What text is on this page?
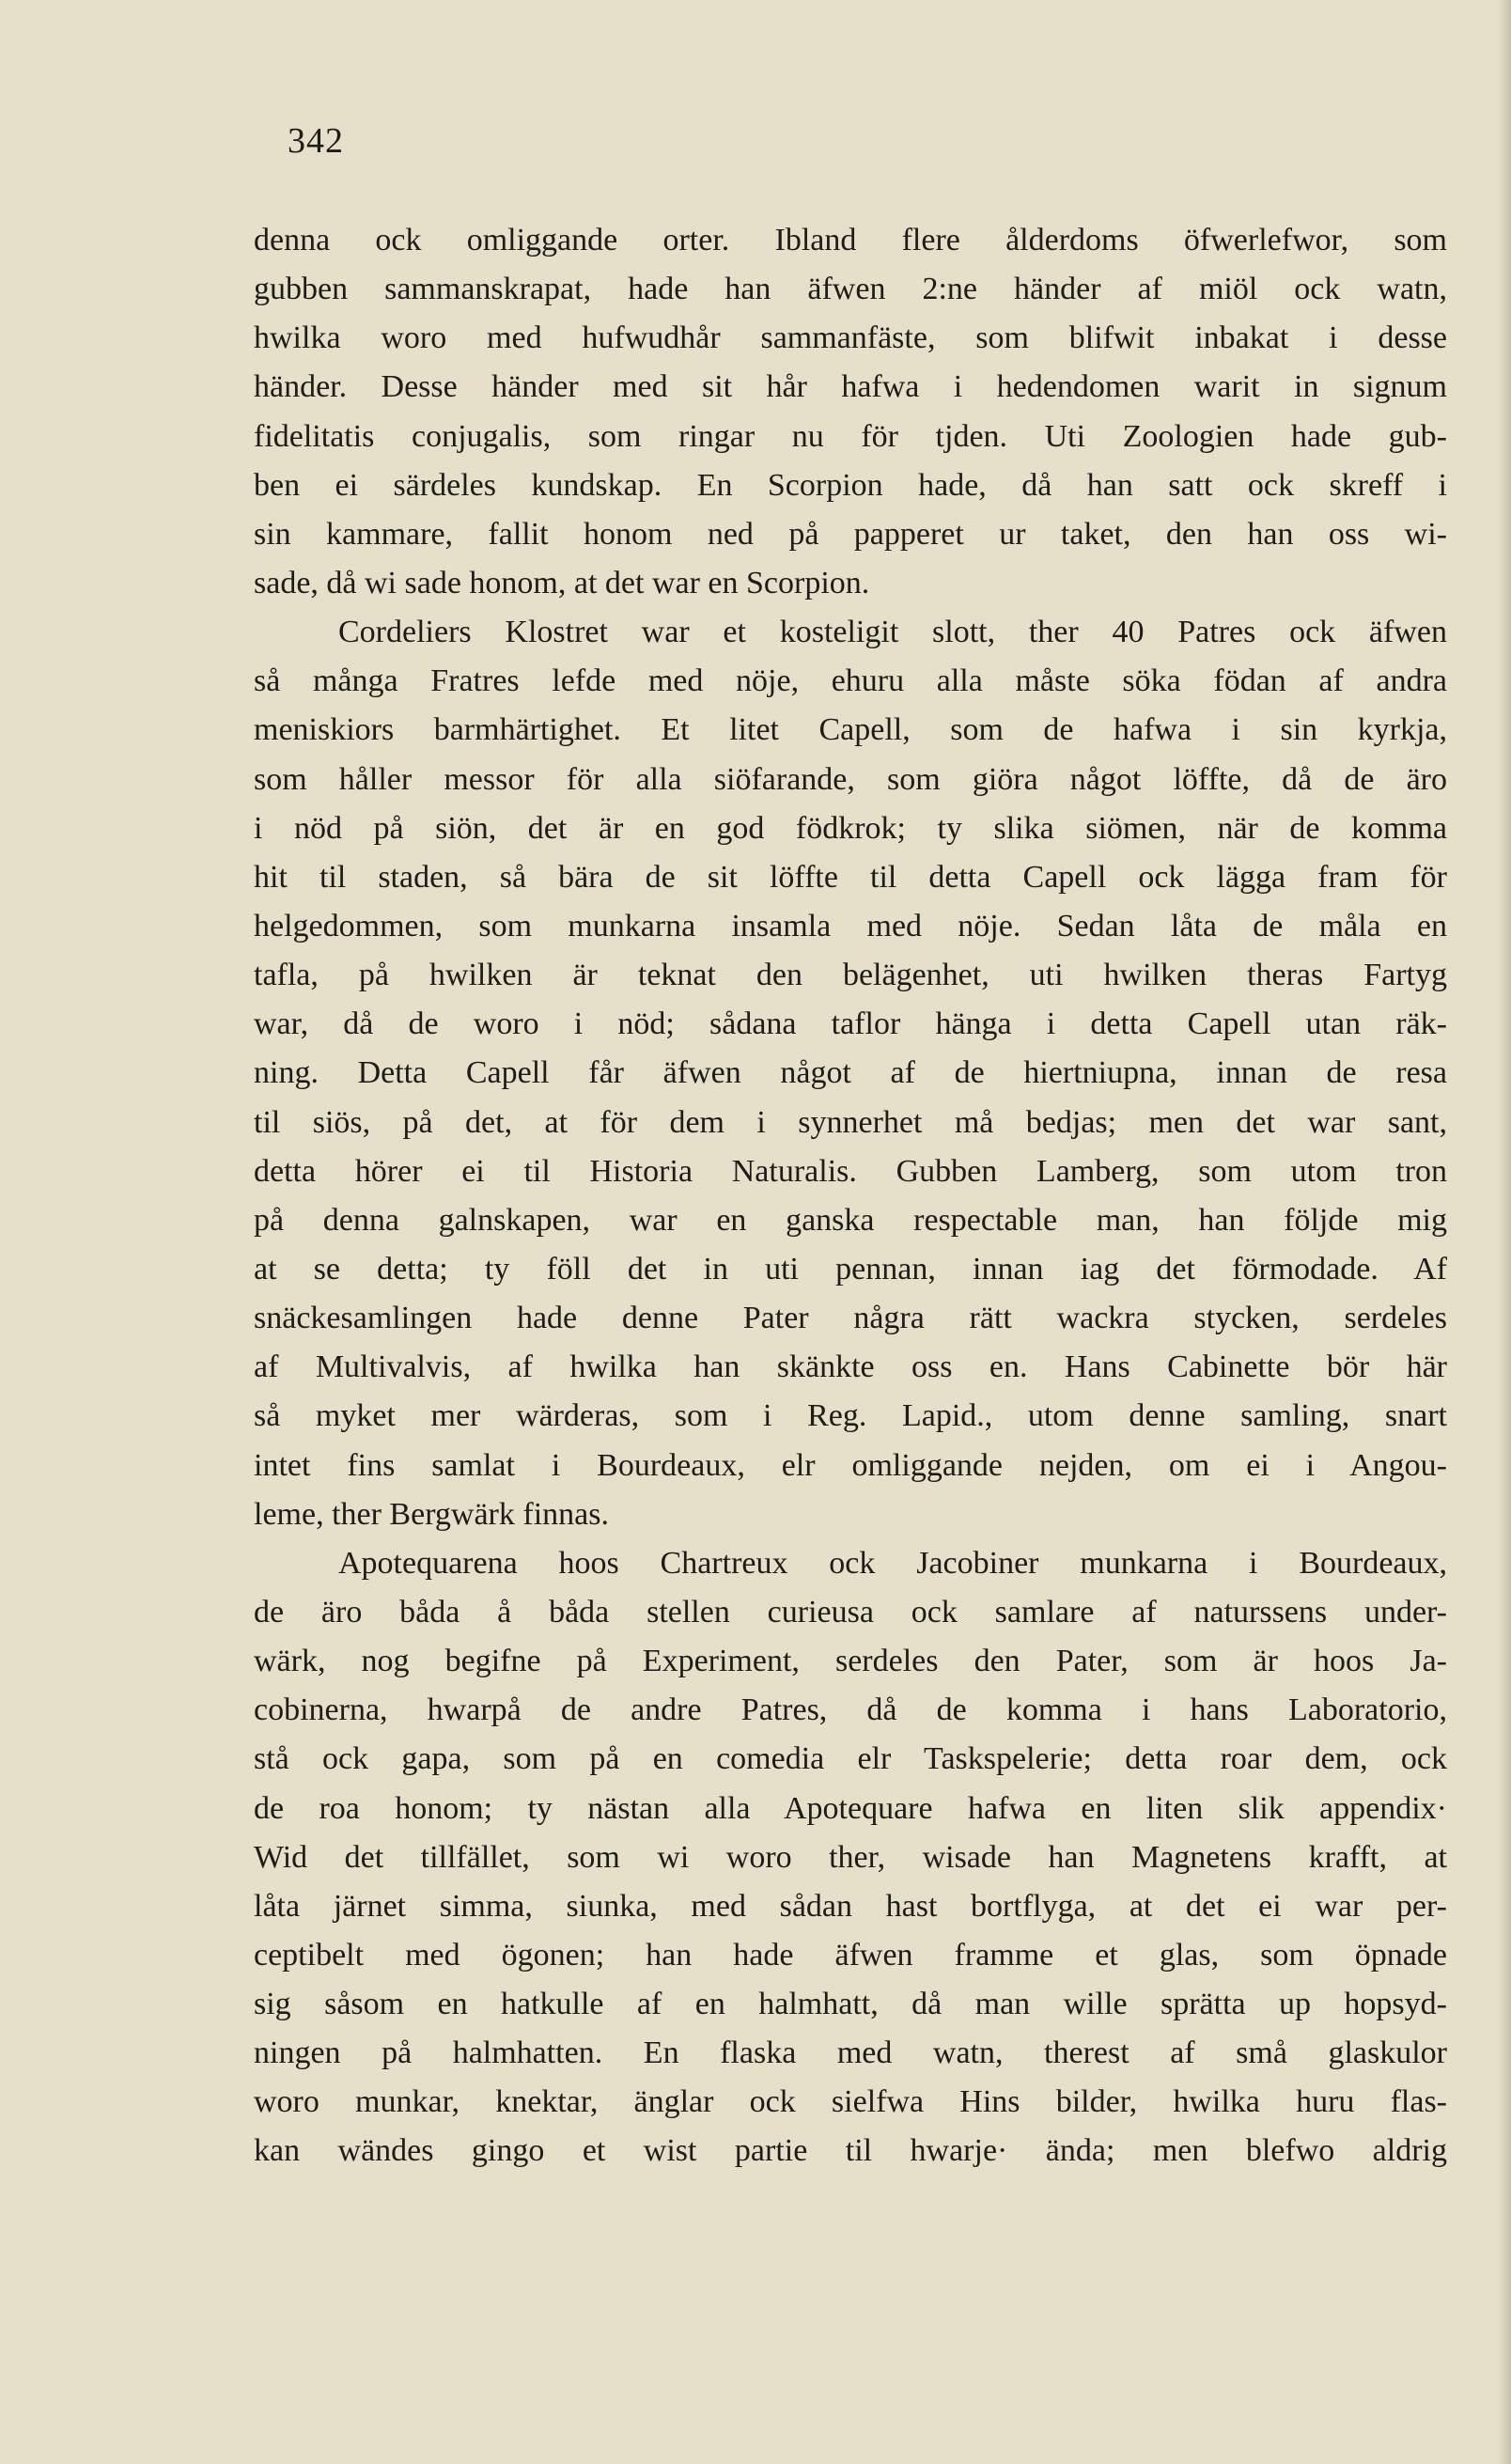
342
denna ock omliggande orter. Ibland flere ålderdoms öfwerlefwor, som
gubben sammanskrapat, hade han äfwen 2:ne händer af miöl ock watn,
hwilka woro med hufwudhår sammanfäste, som blifwit inbakat i desse
händer. Desse händer med sit hår hafwa i hedendomen warit in signum
fidelitatis conjugalis, som ringar nu för tjden. Uti Zoologien hade gub-
ben ei särdeles kundskap. En Scorpion hade, då han satt ock skreff i
sin kammare, fallit honom ned på papperet ur taket, den han oss wi-
sade, då wi sade honom, at det war en Scorpion.
Cordeliers Klostret war et kosteligit slott, ther 40 Patres ock äfwen
så många Fratres lefde med nöje, ehuru alla måste söka födan af andra
meniskiors barmhärtighet. Et litet Capell, som de hafwa i sin kyrkja,
som håller messor för alla siöfarande, som giöra något löffte, då de äro
i nöd på siön, det är en god födkrok; ty slika siömen, när de komma
hit til staden, så bära de sit löffte til detta Capell ock lägga fram för
helgedommen, som munkarna insamla med nöje. Sedan låta de måla en
tafla, på hwilken är teknat den belägenhet, uti hwilken theras Fartyg
war, då de woro i nöd; sådana taflor hänga i detta Capell utan räk-
ning. Detta Capell får äfwen något af de hiertniupna, innan de resa
til siös, på det, at för dem i synnerhet må bedjas; men det war sant,
detta hörer ei til Historia Naturalis. Gubben Lamberg, som utom tron
på denna galnskapen, war en ganska respectable man, han följde mig
at se detta; ty föll det in uti pennan, innan iag det förmodade. Af
snäckesamlingen hade denne Pater några rätt wackra stycken, serdeles
af Multivalvis, af hwilka han skänkte oss en. Hans Cabinette bör här
så myket mer wärderas, som i Reg. Lapid., utom denne samling, snart
intet fins samlat i Bourdeaux, elr omliggande nejden, om ei i Angou-
leme, ther Bergwärk finnas.
Apotequarena hoos Chartreux ock Jacobiner munkarna i Bourdeaux,
de äro båda å båda stellen curieusa ock samlare af naturssens under-
wärk, nog begifne på Experiment, serdeles den Pater, som är hoos Ja-
cobinerna, hwarpå de andre Patres, då de komma i hans Laboratorio,
stå ock gapa, som på en comedia elr Taskspelerie; detta roar dem, ock
de roa honom; ty nästan alla Apotequare hafwa en liten slik appendix·
Wid det tillfället, som wi woro ther, wisade han Magnetens krafft, at
låta järnet simma, siunka, med sådan hast bortflyga, at det ei war per-
ceptibelt med ögonen; han hade äfwen framme et glas, som öpnade
sig såsom en hatkulle af en halmhatt, då man wille sprätta up hopsyd-
ningen på halmhatten. En flaska med watn, therest af små glaskulor
woro munkar, knektar, änglar ock sielfwa Hins bilder, hwilka huru flas-
kan wändes gingo et wist partie til hwarje· ända; men blefwo aldrig
